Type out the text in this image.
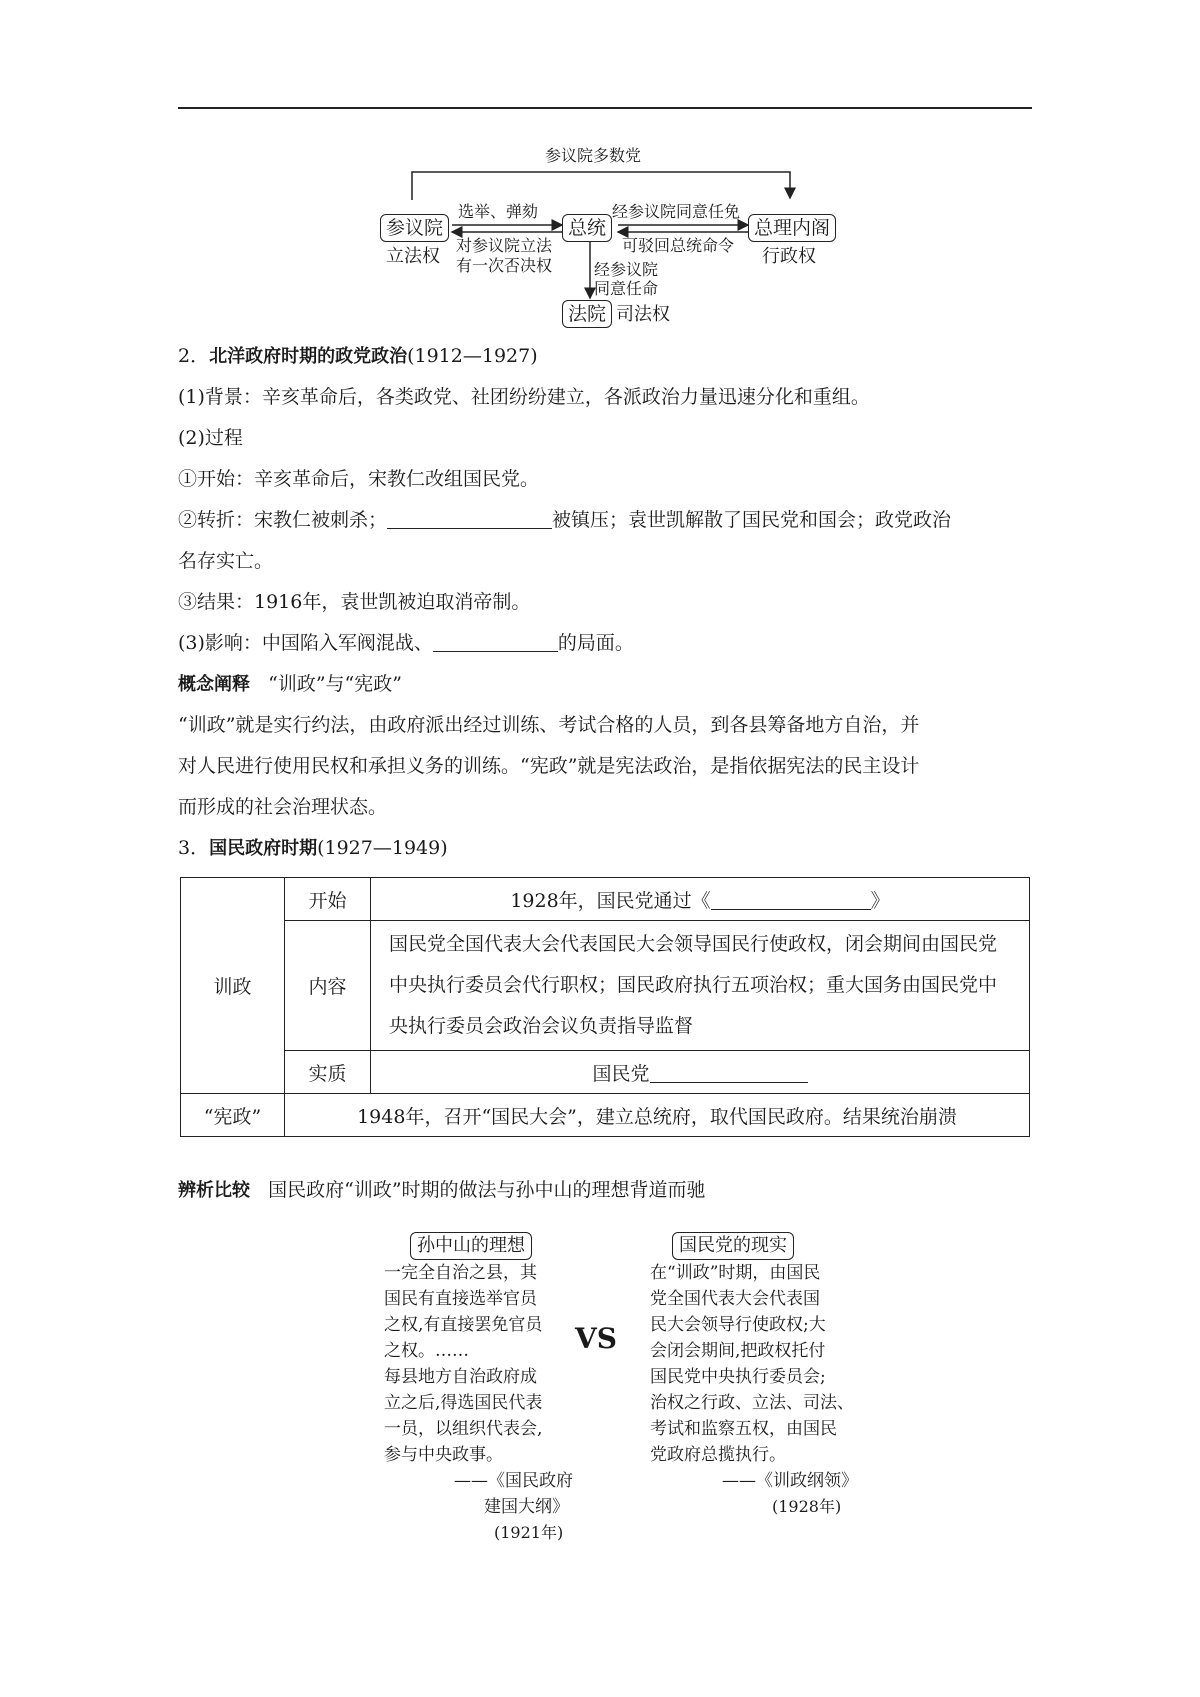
参议院多数党
参议院	总统	总理内阁
法院
选举、弹劾
对参议院立法
有一次否决权
经参议院同意任免
可驳回总统命令
经参议院
同意任命
立法权	行政权
司法权
2．北洋政府时期的政党政治(1912—1927)
(1)背景：辛亥革命后，各类政党、社团纷纷建立，各派政治力量迅速分化和重组。
(2)过程
①开始：辛亥革命后，宋教仁改组国民党。
②转折：宋教仁被刺杀；	被镇压；袁世凯解散了国民党和国会；政党政治
名存实亡。
③结果：1916年，袁世凯被迫取消帝制。
(3)影响：中国陷入军阀混战、	的局面。
概念阐释 “训政”与“宪政”
“训政”就是实行约法，由政府派出经过训练、考试合格的人员，到各县筹备地方自治，并
对人民进行使用民权和承担义务的训练。“宪政”就是宪法政治，是指依据宪法的民主设计
而形成的社会治理状态。
3．国民政府时期(1927—1949)
训政	开始	1928年，国民党通过《 》
	内容	国民党全国代表大会代表国民大会领导国民行使政权，闭会期间由国民党中央执行委员会代行职权；国民政府执行五项治权；重大国务由国民党中央执行委员会政治会议负责指导监督
	实质	国民党
“宪政”	1948年，召开“国民大会”，建立总统府，取代国民政府。结果统治崩溃	
辨析比较 国民政府“训政”时期的做法与孙中山的理想背道而驰
孙中山的理想
一完全自治之县，其
国民有直接选举官员
之权,有直接罢免官员
之权。……
每县地方自治政府成
立之后,得选国民代表
一员，以组织代表会,
参与中央政事。
——《国民政府
建国大纲》
(1921年)
VS
国民党的现实
在“训政”时期，由国民
党全国代表大会代表国
民大会领导行使政权;大
会闭会期间,把政权托付
国民党中央执行委员会;
治权之行政、立法、司法、
考试和监察五权，由国民
党政府总揽执行。
——《训政纲领》
(1928年)
